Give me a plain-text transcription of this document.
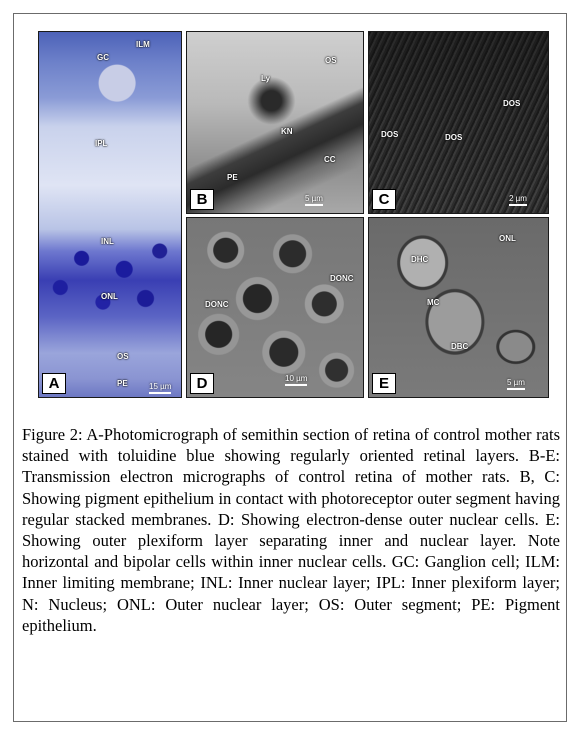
ILM
GC
IPL
INL
ONL
OS
PE	15 µm
A
Ly
OS
KN
CC
PE
5 µm
B
DOS
DOS	DOS
2 µm
C
DONC
DONC
10 µm
D
ONL
DHC
MC
DBC
5 µm
E

Figure 2: A-Photomicrograph of semithin section of retina of control mother rats stained with toluidine blue showing regularly oriented retinal layers. B-E: Transmission electron micrographs of control retina of mother rats. B, C: Showing pigment epithelium in contact with photoreceptor outer segment having regular stacked membranes. D: Showing electron-dense outer nuclear cells. E: Showing outer plexiform layer separating inner and nuclear layer. Note horizontal and bipolar cells within inner nuclear cells. GC: Ganglion cell; ILM: Inner limiting membrane; INL: Inner nuclear layer; IPL: Inner plexiform layer; N: Nucleus; ONL: Outer nuclear layer; OS: Outer segment; PE: Pigment epithelium.
